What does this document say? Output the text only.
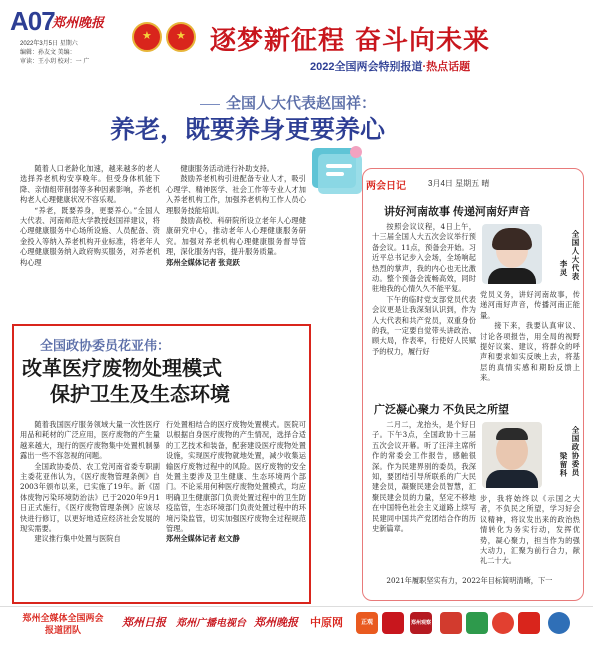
A07
郑州晚报
2022年3月5日 星期六
编辑：孙友文 美编：
审读：王小玥 校对：一 广
★ ★ 逐梦新征程 奋斗向未来
2022全国两会特别报道·热点话题
全国人大代表赵国祥：
养老，既要养身更要养心

随着人口老龄化加速，越来越多的老人选择养老机构安享晚年。但受身体机能下降、亲情组带削弱等多种因素影响，养老机构老人心理健康状况不容乐观。

“养老，既要养身，更要养心。”全国人大代表、河南师范大学教授赵国祥建议，将心理健康服务中心场所设施、人员配备、资金投入等纳入养老机构开业标准，将老年人心理健康服务纳入政府购买服务，对养老机构心理

健康服务活动进行补助支持。

鼓励养老机构引进配备专业人才，吸引心理学、精神医学、社会工作等专业人才加入养老机构工作，加强养老机构工作人员心理服务技能培训。

鼓励高校、科研院所设立老年人心理健康研究中心，推动老年人心理健康服务研究。加强对养老机构心理健康服务督导管理，深化服务内容，提升服务质量。

郑州全媒体记者 张竞跃

全国政协委员花亚伟：
改革医疗废物处理模式
保护卫生及生态环境

随着我国医疗服务领域大量一次性医疗用品和耗材的广泛应用，医疗废物的产生量越来越大，现行的医疗废物集中处置机制暴露出一些不容忽视的问题。

全国政协委员、农工党河南省委专职副主委花亚伟认为，《医疗废物管理条例》自2003年颁布以来，已实施了19年。新《固体废物污染环境防治法》已于2020年9月1日正式施行，《医疗废物管理条例》应该尽快进行修订，以更好地适应经济社会发展的现实需要。

建议推行集中处置与医院自

行处置相结合的医疗废物处置模式。医院可以根据自身医疗废物的产生情况，选择合适的工艺技术和装备，配套建设医疗废物处置设施，实现医疗废物就地处置，减少收集运输医疗废物过程中的风险。医疗废物的安全处置主要涉及卫生健康、生态环境两个部门。不论采用何种医疗废物处置模式，均应明确卫生健康部门负责处置过程中的卫生防疫监管，生态环境部门负责处置过程中的环境污染监管，切实加强医疗废物全过程规范管理。

郑州全媒体记者 赵文静

两会日记	3月4日 星期五 晴
讲好河南故事 传递河南好声音

按照会议议程，4日上午，十三届全国人大五次会议举行预备会议。11点，预备会开始。习近平总书记步入会场，全场响起热烈的掌声，我的内心也无比激动。整个预备会流畅高效，同时驻地我的心情久久不能平复。

下午的临时党支部党员代表会议更是让我深刻认识到，作为人大代表和共产党员，双重身份的我，一定要自觉带头讲政治、顾大局，作表率，行使好人民赋予的权力，履行好

全国人大代表
李灵

党员义务，讲好河南故事，传递河南好声音，传播河南正能量。

接下来，我要认真审议、讨论各项报告，用全局的视野提好议案、建议，将群众的呼声和要求如实反映上去，将基层的真情实感和期盼反馈上来。

广泛凝心聚力 不负民之所望

二月二，龙抬头，是个好日子。下午3点，全国政协十三届五次会议开幕。听了汪洋主席所作的常委会工作报告，感触很深。作为民建界别的委员，我深知，要团结引导所联系的广大民建会员，凝聚民建会员智慧，汇聚民建会员的力量，坚定不移地在中国特色社会主义道路上续写民建同中国共产党团结合作的历史新篇章。

全国政协委员
梁留科

步，我将始终以《示国之大者，不负民之所望，学习好会议精神，将议发出来的政治热情转化为务实行动，发挥优势，凝心聚力，担当作为的强大动力，汇聚为前行合力，献礼二十大。

2021年履职坚实有力，2022年目标简明清晰，下一

郑州全媒体全国两会
报道团队
郑州日报 郑州广播电视台 郑州晚报 中原网	正观	郑州观察
